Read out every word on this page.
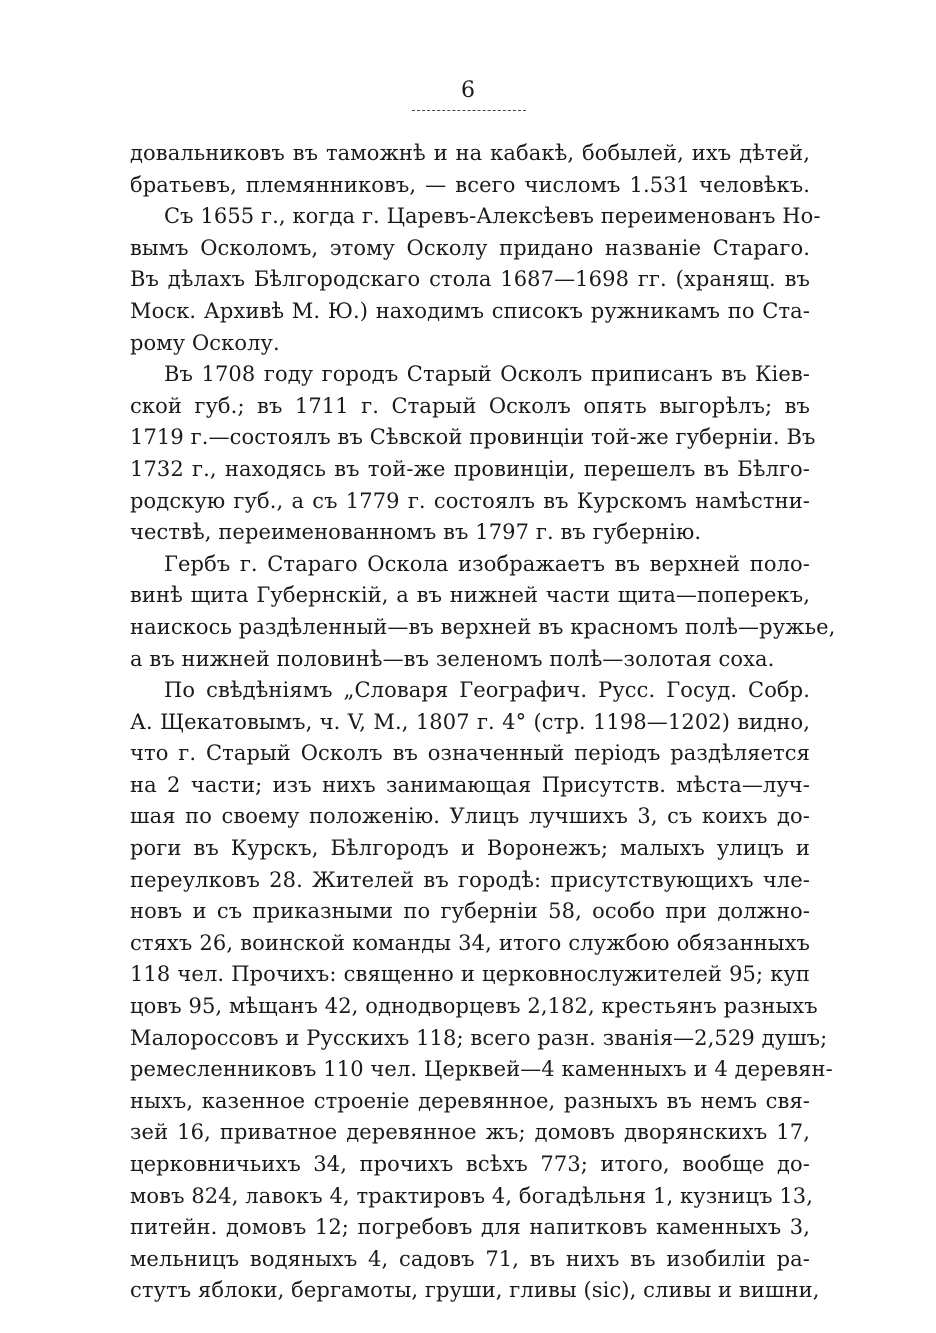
6
довальниковъ въ таможнѣ и на кабакѣ, бобылей, ихъ дѣтей,
братьевъ, племянниковъ, — всего числомъ 1.531 человѣкъ.
Съ 1655 г., когда г. Царевъ-Алексѣевъ переименованъ Но-
вымъ Осколомъ, этому Осколу придано названіе Стараго.
Въ дѣлахъ Бѣлгородскаго стола 1687—1698 гг. (хранящ. въ
Моск. Архивѣ М. Ю.) находимъ списокъ ружникамъ по Ста-
рому Осколу.
Въ 1708 году городъ Старый Осколъ приписанъ въ Кіев-
ской губ.; въ 1711 г. Старый Осколъ опять выгорѣлъ; въ
1719 г.—состоялъ въ Сѣвской провинціи той-же губерніи. Въ
1732 г., находясь въ той-же провинціи, перешелъ въ Бѣлго-
родскую губ., а съ 1779 г. состоялъ въ Курскомъ намѣстни-
чествѣ, переименованномъ въ 1797 г. въ губернію.
Гербъ г. Стараго Оскола изображаетъ въ верхней поло-
винѣ щита Губернскій, а въ нижней части щита—поперекъ,
наискось раздѣленный—въ верхней въ красномъ полѣ—ружье,
а въ нижней половинѣ—въ зеленомъ полѣ—золотая соха.
По свѣдѣніямъ „Словаря Географич. Русс. Госуд. Собр.
А. Щекатовымъ, ч. V, М., 1807 г. 4° (стр. 1198—1202) видно,
что г. Старый Осколъ въ означенный періодъ раздѣляется
на 2 части; изъ нихъ занимающая Присутств. мѣста—луч-
шая по своему положенію. Улицъ лучшихъ 3, съ коихъ до-
роги въ Курскъ, Бѣлгородъ и Воронежъ; малыхъ улицъ и
переулковъ 28. Жителей въ городѣ: присутствующихъ чле-
новъ и съ приказными по губерніи 58, особо при должно-
стяхъ 26, воинской команды 34, итого службою обязанныхъ
118 чел. Прочихъ: священно и церковнослужителей 95; куп
цовъ 95, мѣщанъ 42, однодворцевъ 2,182, крестьянъ разныхъ
Малороссовъ и Русскихъ 118; всего разн. званія—2,529 душъ;
ремесленниковъ 110 чел. Церквей—4 каменныхъ и 4 деревян-
ныхъ, казенное строеніе деревянное, разныхъ въ немъ свя-
зей 16, приватное деревянное жъ; домовъ дворянскихъ 17,
церковничьихъ 34, прочихъ всѣхъ 773; итого, вообще до-
мовъ 824, лавокъ 4, трактировъ 4, богадѣльня 1, кузницъ 13,
питейн. домовъ 12; погребовъ для напитковъ каменныхъ 3,
мельницъ водяныхъ 4, садовъ 71, въ нихъ въ изобиліи ра-
стутъ яблоки, бергамоты, груши, гливы (sic), сливы и вишни,
